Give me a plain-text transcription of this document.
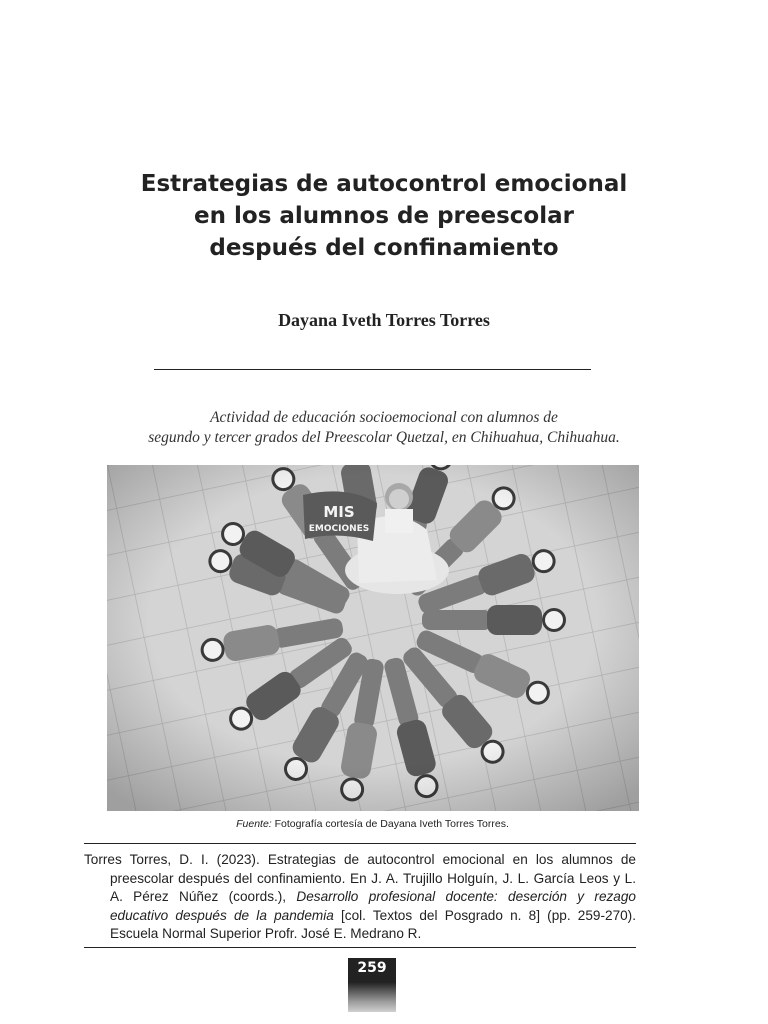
Estrategias de autocontrol emocional
en los alumnos de preescolar
después del confinamiento
Dayana Iveth Torres Torres
Actividad de educación socioemocional con alumnos de
segundo y tercer grados del Preescolar Quetzal, en Chihuahua, Chihuahua.
Fuente: Fotografía cortesía de Dayana Iveth Torres Torres.
Torres Torres, D. I. (2023). Estrategias de autocontrol emocional en los alumnos de preescolar después del confinamiento. En J. A. Trujillo Holguín, J. L. García Leos y L. A. Pérez Núñez (coords.), Desarrollo profesional docente: deserción y rezago educativo después de la pandemia [col. Textos del Posgrado n. 8] (pp. 259-270). Escuela Normal Superior Profr. José E. Medrano R.
259
